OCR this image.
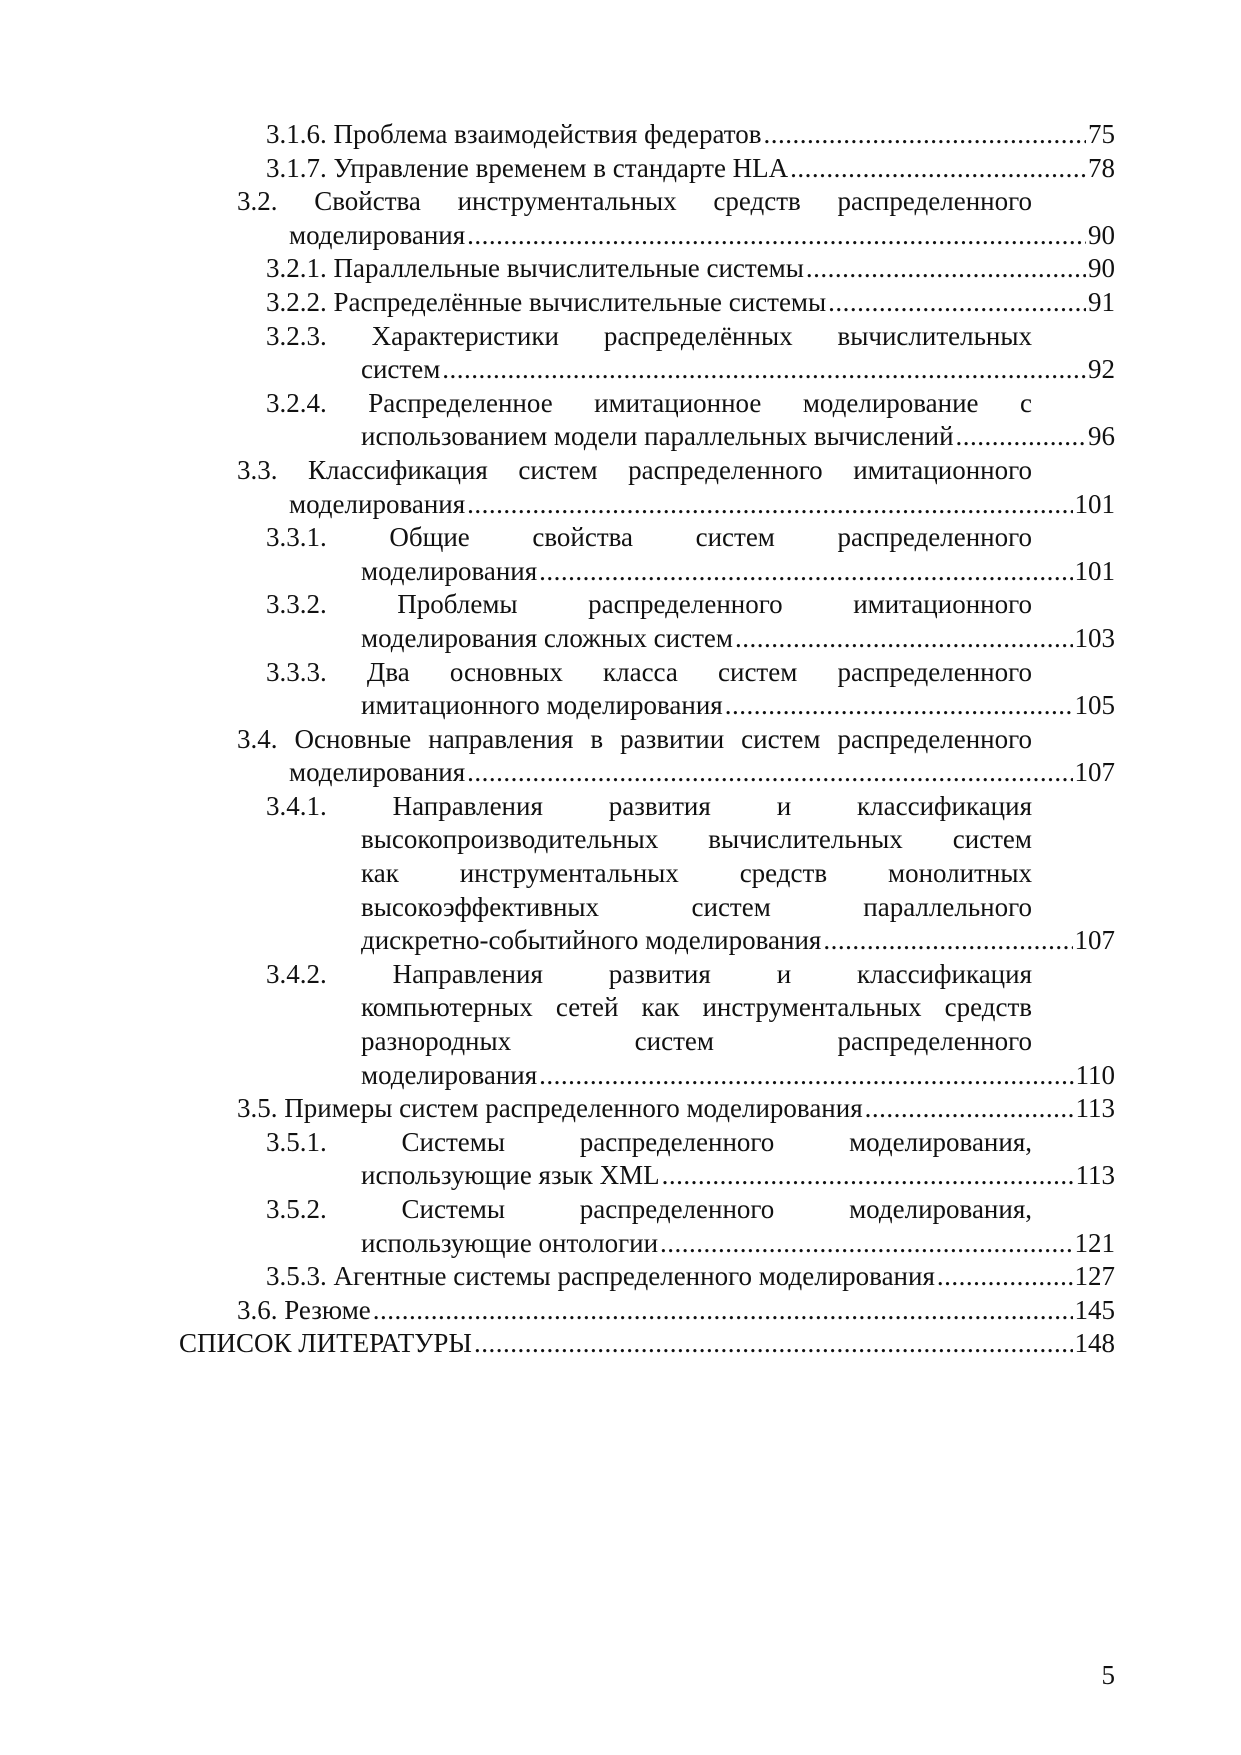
3.1.6. Проблема взаимодействия федератов .....	75
3.1.7. Управление временем в стандарте HLA .....	78
3.2. Свойства инструментальных средств распределенного
моделирования .....	90
3.2.1. Параллельные вычислительные системы .....	90
3.2.2. Распределённые вычислительные системы .....	91
3.2.3. Характеристики распределённых вычислительных
систем .....	92
3.2.4. Распределенное имитационное моделирование с
использованием модели параллельных вычислений .....	96
3.3. Классификация систем распределенного имитационного
моделирования .....	101
3.3.1. Общие свойства систем распределенного
моделирования .....	101
3.3.2. Проблемы распределенного имитационного
моделирования сложных систем .....	103
3.3.3. Два основных класса систем распределенного
имитационного моделирования .....	105
3.4. Основные направления в развитии систем распределенного
моделирования .....	107
3.4.1. Направления развития и классификация
высокопроизводительных вычислительных систем
как инструментальных средств монолитных
высокоэффективных систем параллельного
дискретно-событийного моделирования .....	107
3.4.2. Направления развития и классификация
компьютерных сетей как инструментальных средств
разнородных систем распределенного
моделирования .....	110
3.5. Примеры систем распределенного моделирования .....	113
3.5.1. Системы распределенного моделирования,
использующие язык XML .....	113
3.5.2. Системы распределенного моделирования,
использующие онтологии .....	121
3.5.3. Агентные системы распределенного моделирования .....	127
3.6. Резюме .....	145
СПИСОК ЛИТЕРАТУРЫ .....	148
5
